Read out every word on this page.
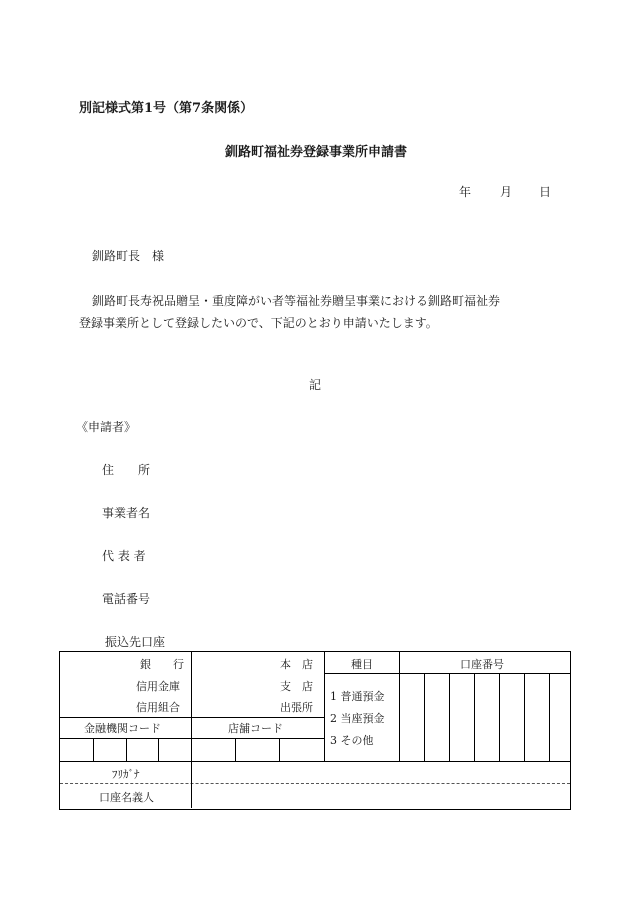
別記様式第1号（第7条関係）
釧路町福祉券登録事業所申請書
年 月 日
釧路町長　様
釧路町長寿祝品贈呈・重度障がい者等福祉券贈呈事業における釧路町福祉券
登録事業所として登録したいので、下記のとおり申請いたします。
記
《申請者》
住　　所
事業者名
代 表 者
電話番号
振込先口座
銀　　行
信用金庫
信用組合
本　店
支　店
出張所
種目	口座番号
1 普通預金
2 当座預金
3 その他
金融機関コード	店舗コード
ﾌﾘｶﾞﾅ
口座名義人
